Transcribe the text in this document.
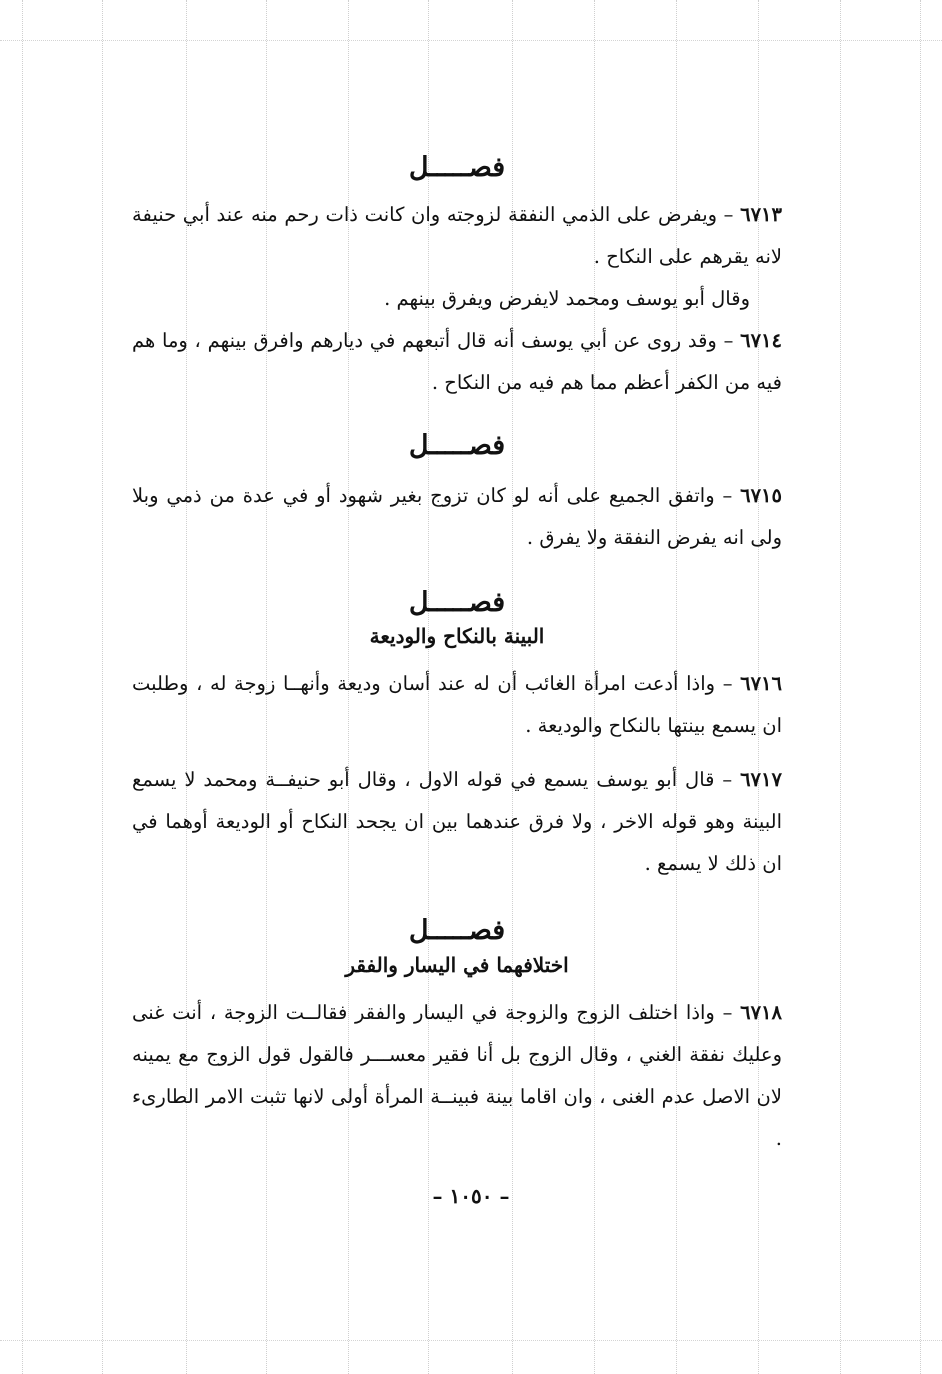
فصـــــل

٦٧١٣ – ويفرض على الذمي النفقة لزوجته وان كانت ذات رحم منه عند أبي حنيفة لانه يقرهم على النكاح .

وقال أبو يوسف ومحمد لايفرض ويفرق بينهم .

٦٧١٤ – وقد روى عن أبي يوسف أنه قال أتبعهم في ديارهم وافرق بينهم ، وما هم فيه من الكفر أعظم مما هم فيه من النكاح .

فصـــــل

٦٧١٥ – واتفق الجميع على أنه لو كان تزوج بغير شهود أو في عدة من ذمي وبلا ولى انه يفرض النفقة ولا يفرق .

فصـــــل
البينة بالنكاح والوديعة

٦٧١٦ – واذا أدعت امرأة الغائب أن له عند أسان وديعة وأنهــا زوجة له ، وطلبت ان يسمع بينتها بالنكاح والوديعة .

٦٧١٧ – قال أبو يوسف يسمع في قوله الاول ، وقال أبو حنيفــة ومحمد لا يسمع البينة وهو قوله الاخر ، ولا فرق عندهما بين ان يجحد النكاح أو الوديعة أوهما في ان ذلك لا يسمع .

فصـــــل
اختلافهما في اليسار والفقر

٦٧١٨ – واذا اختلف الزوج والزوجة في اليسار والفقر فقالــت الزوجة ، أنت غنى وعليك نفقة الغني ، وقال الزوج بل أنا فقير معســـر فالقول قول الزوج مع يمينه لان الاصل عدم الغنى ، وان اقاما بينة فبينــة المرأة أولى لانها تثبت الامر الطارىء .

– ١٠٥٠ –
